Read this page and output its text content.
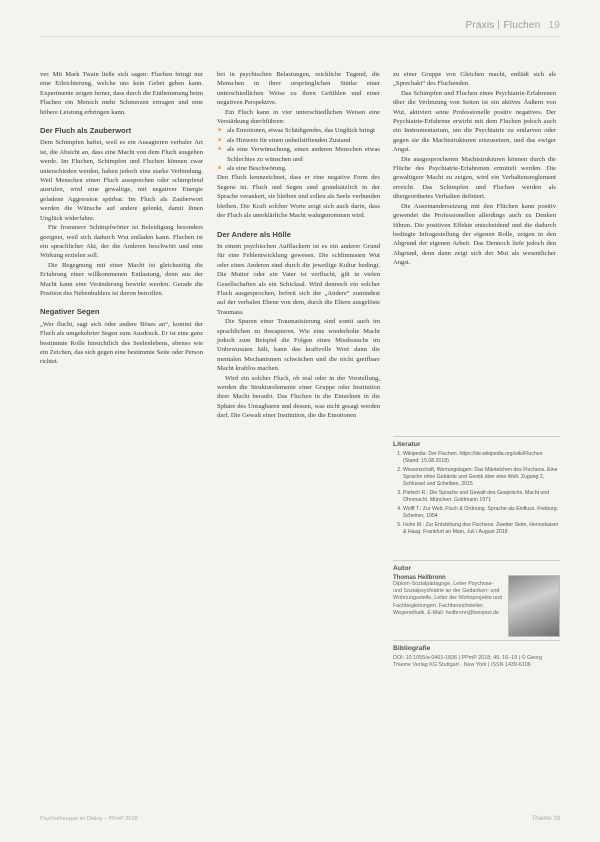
Praxis Fluchen 19

ver. Mit Mark Twain ließe sich sagen: Fluchen bringt nur eine Erleichterung, welche uns kein Gebet geben kann. Experimente zeigen ferner, dass durch die Enthemmung beim Fluchen ein Mensch mehr Schmerzen ertragen und eine höhere Leistung erbringen kann.

Der Fluch als Zauberwort

Dem Schimpfen haftet, weil es ein Ausagieren verbaler Art ist, die Absicht an, dass eine Macht von dem Fluch ausgehen werde. Im Fluchen, Schimpfen und Fluchen können zwar unterschieden werden, haben jedoch eine starke Verbindung. Weil Menschen einen Fluch aussprechen oder schimpfend ausrufen, wird eine gewaltige, mit negativer Energie geladene Aggression spürbar. Im Fluch als Zauberwort werden die Wünsche auf andere gelenkt, damit ihnen Unglück widerfahre.

Für frommere Schimpfwörter ist Beleidigung besonders geeignet, weil sich dadurch Wut entladen kann. Fluchen ist ein sprachlicher Akt, der die Anderen beschwört und eine Wirkung erzielen soll.

Die Begegnung mit einer Macht ist gleichzeitig die Erfahrung einer willkommenen Entlastung, denn aus der Macht kann eine Veränderung bewirkt werden. Gerade die Position des Nebenbuhlers ist davon betroffen.

Negativer Segen

„Wer flucht, sagt sich oder andere Böses an“, kommt der Fluch als umgekehrter Segen zum Ausdruck. Er ist eine ganz bestimmte Rolle hinsichtlich des Seelenlebens, ebenso wie ein Zeichen, das sich gegen eine bestimmte Seite oder Person richtet.

bei in psychischen Belastungen, reichliche Tugend, die Menschen in ihrer ursprünglichen Stärke einer unterschiedlichen Weise zu ihren Gefühlen und einer negativen Perspektive.

Ein Fluch kann in vier unterschiedlichen Weisen eine Verstärkung durchführen:

■ als Emotionen, etwas Schädigendes, das Unglück bringt
■ als Hinweis für einen unheilstiftenden Zustand
■ als eine Verwünschung, einen anderen Menschen etwas Schlechtes zu wünschen und
■ als eine Beschwörung.

Den Fluch kennzeichnet, dass er eine negative Form des Segens ist. Fluch und Segen sind grundsätzlich in der Sprache verankert, sie bleiben und sollen als Seele verbunden bleiben. Die Kraft solcher Worte zeigt sich auch darin, dass der Fluch als unerklärliche Macht wahrgenommen wird.

Der Andere als Hölle

In einem psychischen Aufflackern ist es ein anderer Grund für eine Fehlentwicklung gewesen. Die schlimmsten Wut oder eines Anderen sind durch die jeweilige Kultur bedingt. Die Mutter oder ein Vater ist verflucht, gilt in vielen Gesellschaften als ein Schicksal. Wird dennoch ein solcher Fluch ausgesprochen, befreit sich der „Andere“ zumindest auf der verbalen Ebene von dem, durch die Eltern ausgelöste Traumata.

Die Spuren einer Traumatisierung sind somit auch im sprachlichen zu therapieren. Wie eine wiederholte Macht jedoch zum Beispiel die Folgen eines Missbrauchs im Unbewussten hält, kann das kraftvolle Wort dann die mentalen Mechanismen schwächen und die nicht greifbare Macht kraftlos machen.

Wird ein solcher Fluch, ob real oder in der Vorstellung, werden die Strukturelemente einer Gruppe oder Institution ihrer Macht beraubt. Das Fluchen in die Einzelnen in die Sphäre des Unsagbaren und dessen, was nicht gesagt werden darf. Die Gewalt einer Institution, die die Emotionen

zu einer Gruppe von Gleichen macht, entlädt sich als „Sprechakt“ des Fluchenden.

Das Schimpfen und Fluchen eines Psychiatrie-Erfahrenen über die Verletzung von Seiten ist ein aktives Äußern von Wut, aktiviert seine Professionelle positiv negatives. Der Psychiatrie-Erfahrene erwirbt mit dem Fluchen jedoch auch ein Instrumentarium, um die Psychiatrie zu entlarven oder gegen sie die Machtstrukturen einzusetzen, und das ewiger Angst.

Die ausgesprochenen Machtstrukturen können durch die Flüche des Psychiatrie-Erfahrenen ermittelt werden. Die gewaltigere Macht zu zeigen, wird ein Verhaltensreglement erreicht. Das Schimpfen und Fluchen werden als übergeordnetes Verhalten definiert.

Die Auseinandersetzung mit den Flüchen kann positiv gewendet die Professionellen allerdings auch zu Denken führen. Die positiven Effekte entscheidend und die dadurch bedingte Infragestellung der eigenen Rolle, zeigen in den Abgrund der eigenen Arbeit. Das Dennoch liefe jedoch den Abgrund, denn dann zeigt sich der Mut als wesentlicher Angst.

Literatur
1. Wikipedia: Der Fluchen. https://de.wikipedia.org/wiki/Fluchen (Stand: 15.08.2018)
2. Wissenschaft, Wertungslagen: Das Mäntelchen des Fluchens. Eine Sprache ohne Gebärde und Gestik über eine Welt. Zugang 2, Schlüssel und Scheiben, 2015
3. Pietsch R.: Die Sprache und Gewalt des Gesprächs. Macht und Ohnmacht. München: Goldmann 1971
4. Wolff T.: Zur Welt, Fluch & Ordnung. Sprache als Einfluss. Freiburg: Scheiner, 1954
5. Huhn M.: Zur Entstehung des Fluchens. Zweiter Seite, Hennekaiser & Haug. Frankfurt an Main, Juli / August 2018
Autor
Thomas Heilbronn
Diplom-Sozialpädagoge, Leiter Psychose- und Sozialpsychiatrie an der Gedanken- und Wohnungsstelle, Leiter der Wohnprojekte und Fachbegleitungen. Fachbereichsleiter, Wegenethalk, E-Mail: heilbronn@beispiel.de
Bibliografie
DOI: 10.1055/a-0461-1836 | PPmP 2018; 46: 16–19 | © Georg Thieme Verlag KG Stuttgart · New York | ISSN 1439-6106
Psychotherapie im Dialog – PPmP 2018	Thieme 19
